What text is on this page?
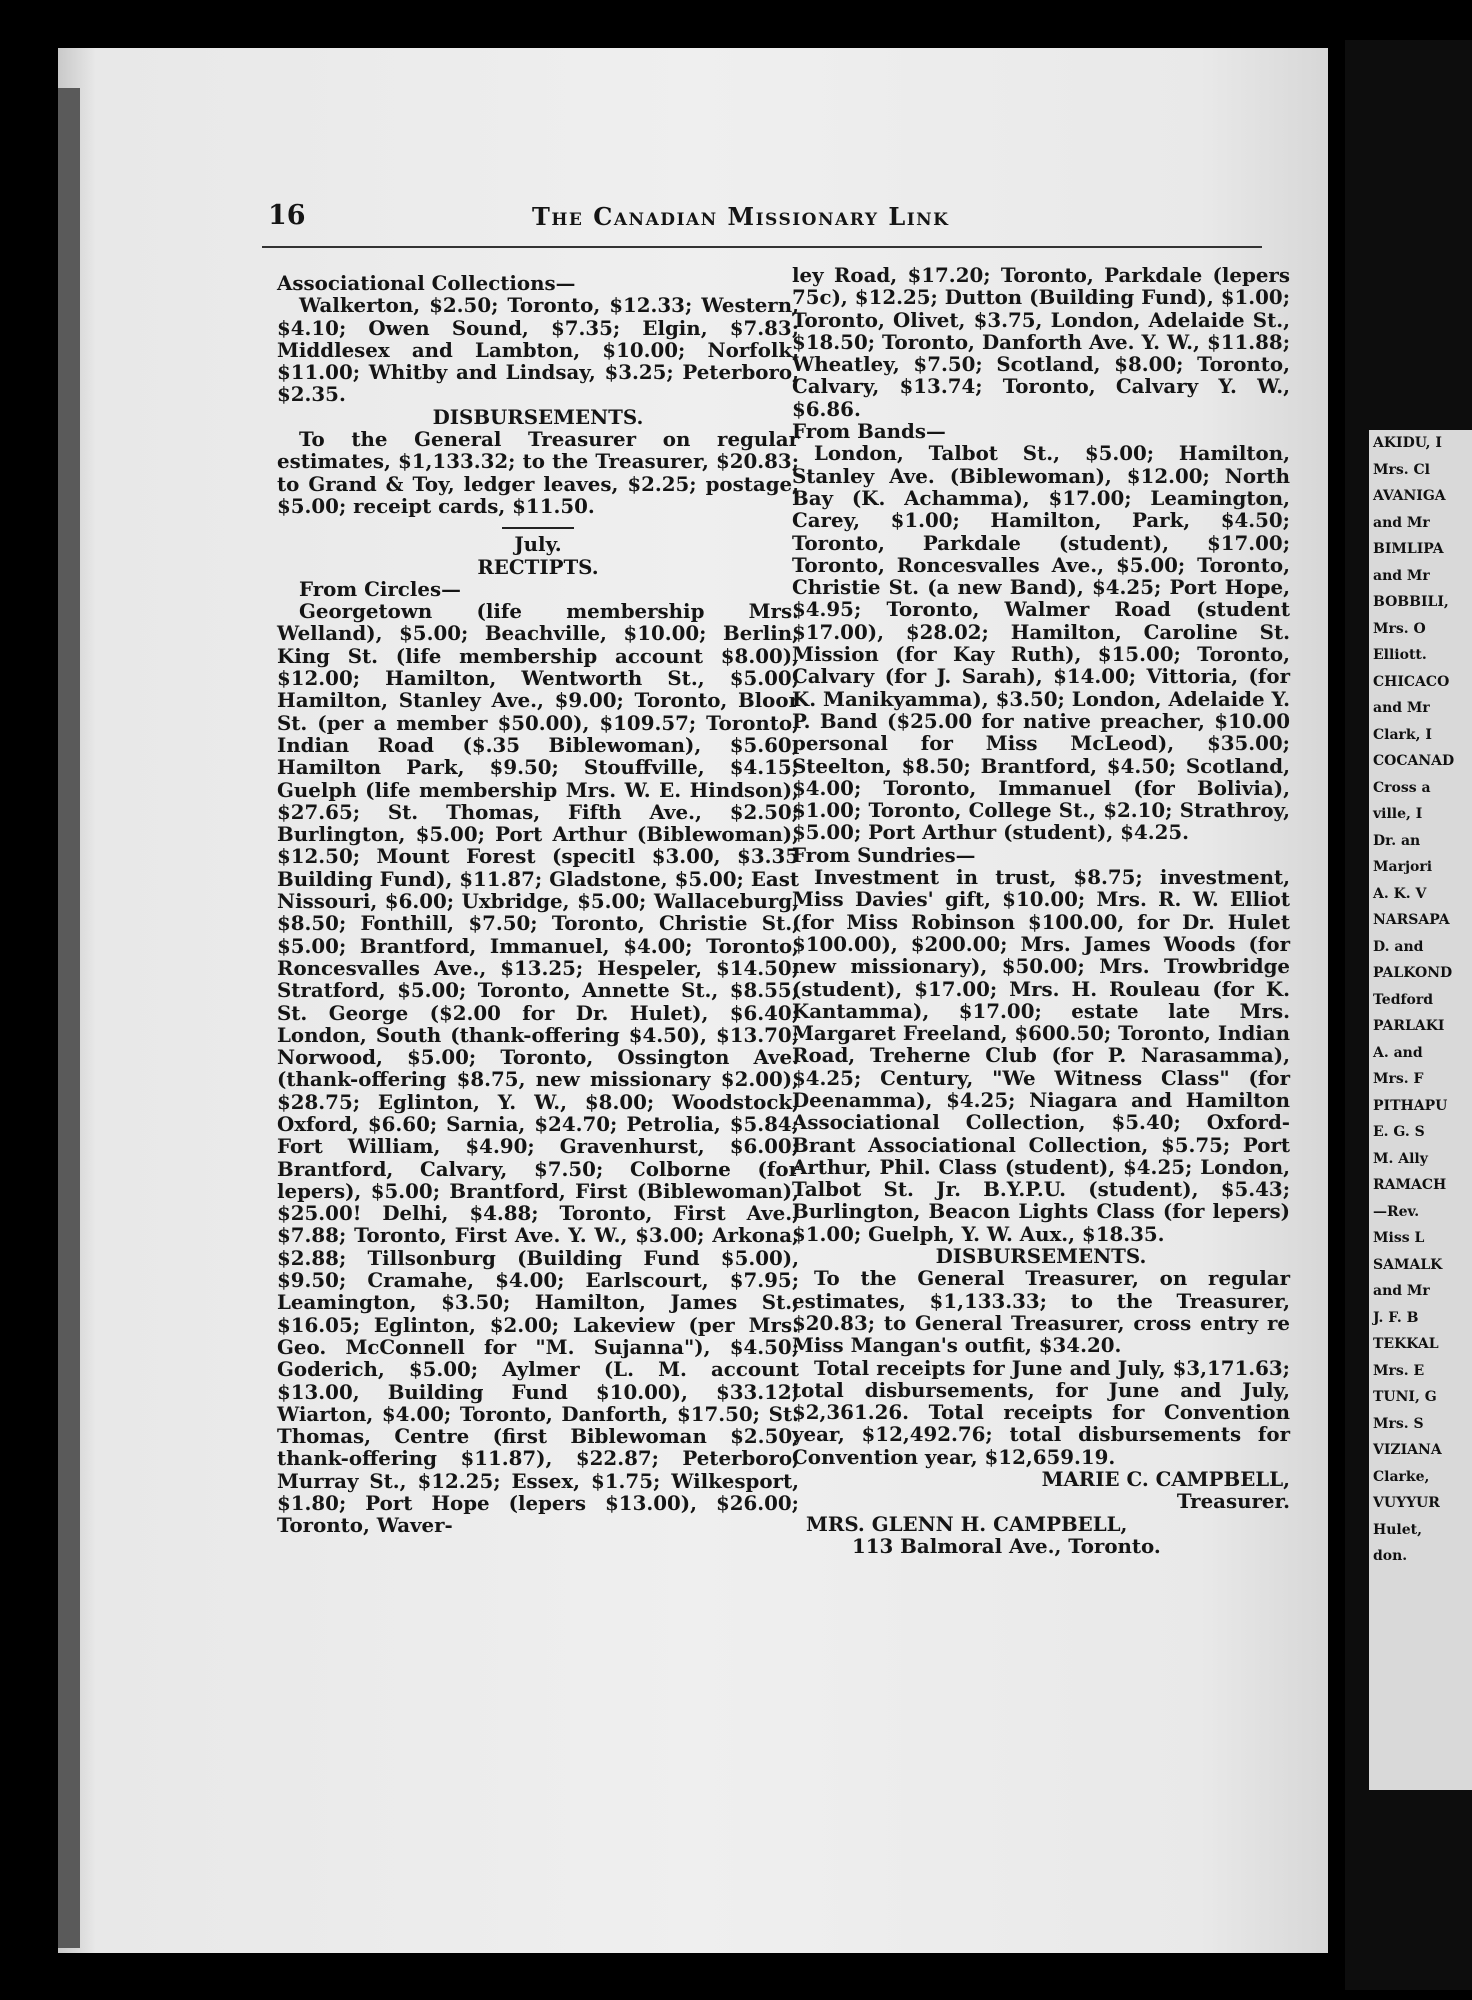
16	The Canadian Missionary Link

Associational Collections—

Walkerton, $2.50; Toronto, $12.33; Western, $4.10; Owen Sound, $7.35; Elgin, $7.83; Middlesex and Lambton, $10.00; Norfolk, $11.00; Whitby and Lindsay, $3.25; Peterboro, $2.35.

DISBURSEMENTS.

To the General Treasurer on regular estimates, $1,133.32; to the Treasurer, $20.83; to Grand & Toy, ledger leaves, $2.25; postage, $5.00; receipt cards, $11.50.

July.

RECTIPTS.

From Circles—

Georgetown (life membership Mrs. Welland), $5.00; Beachville, $10.00; Berlin, King St. (life membership account $8.00), $12.00; Hamilton, Wentworth St., $5.00; Hamilton, Stanley Ave., $9.00; Toronto, Bloor St. (per a member $50.00), $109.57; Toronto, Indian Road ($.35 Biblewoman), $5.60; Hamilton Park, $9.50; Stouffville, $4.15; Guelph (life membership Mrs. W. E. Hindson), $27.65; St. Thomas, Fifth Ave., $2.50; Burlington, $5.00; Port Arthur (Biblewoman), $12.50; Mount Forest (specitl $3.00, $3.35 Building Fund), $11.87; Gladstone, $5.00; East Nissouri, $6.00; Uxbridge, $5.00; Wallaceburg, $8.50; Fonthill, $7.50; Toronto, Christie St., $5.00; Brantford, Immanuel, $4.00; Toronto, Roncesvalles Ave., $13.25; Hespeler, $14.50; Stratford, $5.00; Toronto, Annette St., $8.55; St. George ($2.00 for Dr. Hulet), $6.40; London, South (thank-offering $4.50), $13.70; Norwood, $5.00; Toronto, Ossington Ave. (thank-offering $8.75, new missionary $2.00), $28.75; Eglinton, Y. W., $8.00; Woodstock, Oxford, $6.60; Sarnia, $24.70; Petrolia, $5.84; Fort William, $4.90; Gravenhurst, $6.00; Brantford, Calvary, $7.50; Colborne (for lepers), $5.00; Brantford, First (Biblewoman), $25.00! Delhi, $4.88; Toronto, First Ave., $7.88; Toronto, First Ave. Y. W., $3.00; Arkona, $2.88; Tillsonburg (Building Fund $5.00), $9.50; Cramahe, $4.00; Earlscourt, $7.95; Leamington, $3.50; Hamilton, James St., $16.05; Eglinton, $2.00; Lakeview (per Mrs. Geo. McConnell for "M. Sujanna"), $4.50; Goderich, $5.00; Aylmer (L. M. account $13.00, Building Fund $10.00), $33.12; Wiarton, $4.00; Toronto, Danforth, $17.50; St. Thomas, Centre (first Biblewoman $2.50, thank-offering $11.87), $22.87; Peterboro, Murray St., $12.25; Essex, $1.75; Wilkesport, $1.80; Port Hope (lepers $13.00), $26.00; Toronto, Waver-

ley Road, $17.20; Toronto, Parkdale (lepers 75c), $12.25; Dutton (Building Fund), $1.00; Toronto, Olivet, $3.75, London, Adelaide St., $18.50; Toronto, Danforth Ave. Y. W., $11.88; Wheatley, $7.50; Scotland, $8.00; Toronto, Calvary, $13.74; Toronto, Calvary Y. W., $6.86.

From Bands—

London, Talbot St., $5.00; Hamilton, Stanley Ave. (Biblewoman), $12.00; North Bay (K. Achamma), $17.00; Leamington, Carey, $1.00; Hamilton, Park, $4.50; Toronto, Parkdale (student), $17.00; Toronto, Roncesvalles Ave., $5.00; Toronto, Christie St. (a new Band), $4.25; Port Hope, $4.95; Toronto, Walmer Road (student $17.00), $28.02; Hamilton, Caroline St. Mission (for Kay Ruth), $15.00; Toronto, Calvary (for J. Sarah), $14.00; Vittoria, (for K. Manikyamma), $3.50; London, Adelaide Y. P. Band ($25.00 for native preacher, $10.00 personal for Miss McLeod), $35.00; Steelton, $8.50; Brantford, $4.50; Scotland, $4.00; Toronto, Immanuel (for Bolivia), $1.00; Toronto, College St., $2.10; Strathroy, $5.00; Port Arthur (student), $4.25.

From Sundries—

Investment in trust, $8.75; investment, Miss Davies' gift, $10.00; Mrs. R. W. Elliot (for Miss Robinson $100.00, for Dr. Hulet $100.00), $200.00; Mrs. James Woods (for new missionary), $50.00; Mrs. Trowbridge (student), $17.00; Mrs. H. Rouleau (for K. Kantamma), $17.00; estate late Mrs. Margaret Freeland, $600.50; Toronto, Indian Road, Treherne Club (for P. Narasamma), $4.25; Century, "We Witness Class" (for Deenamma), $4.25; Niagara and Hamilton Associational Collection, $5.40; Oxford-Brant Associational Collection, $5.75; Port Arthur, Phil. Class (student), $4.25; London, Talbot St. Jr. B.Y.P.U. (student), $5.43; Burlington, Beacon Lights Class (for lepers) $1.00; Guelph, Y. W. Aux., $18.35.

DISBURSEMENTS.

To the General Treasurer, on regular estimates, $1,133.33; to the Treasurer, $20.83; to General Treasurer, cross entry re Miss Mangan's outfit, $34.20.

Total receipts for June and July, $3,171.63; total disbursements, for June and July, $2,361.26. Total receipts for Convention year, $12,492.76; total disbursements for Convention year, $12,659.19.

MARIE C. CAMPBELL,

Treasurer.

MRS. GLENN H. CAMPBELL,

113 Balmoral Ave., Toronto.

AKIDU, I
Mrs. Cl
AVANIGA
and Mr
BIMLIPA
and Mr
BOBBILI,
Mrs. O
Elliott.
CHICACO
and Mr
Clark, I
COCANAD
Cross a
ville, I
Dr. an
Marjori
A. K. V
NARSAPA
D. and
PALKOND
Tedford
PARLAKI
A. and
Mrs. F
PITHAPU
E. G. S
M. Ally
RAMACH
—Rev.
Miss L
SAMALK
and Mr
J. F. B
TEKKAL
Mrs. E
TUNI, G
Mrs. S
VIZIANA
Clarke,
VUYYUR
Hulet,
don.
